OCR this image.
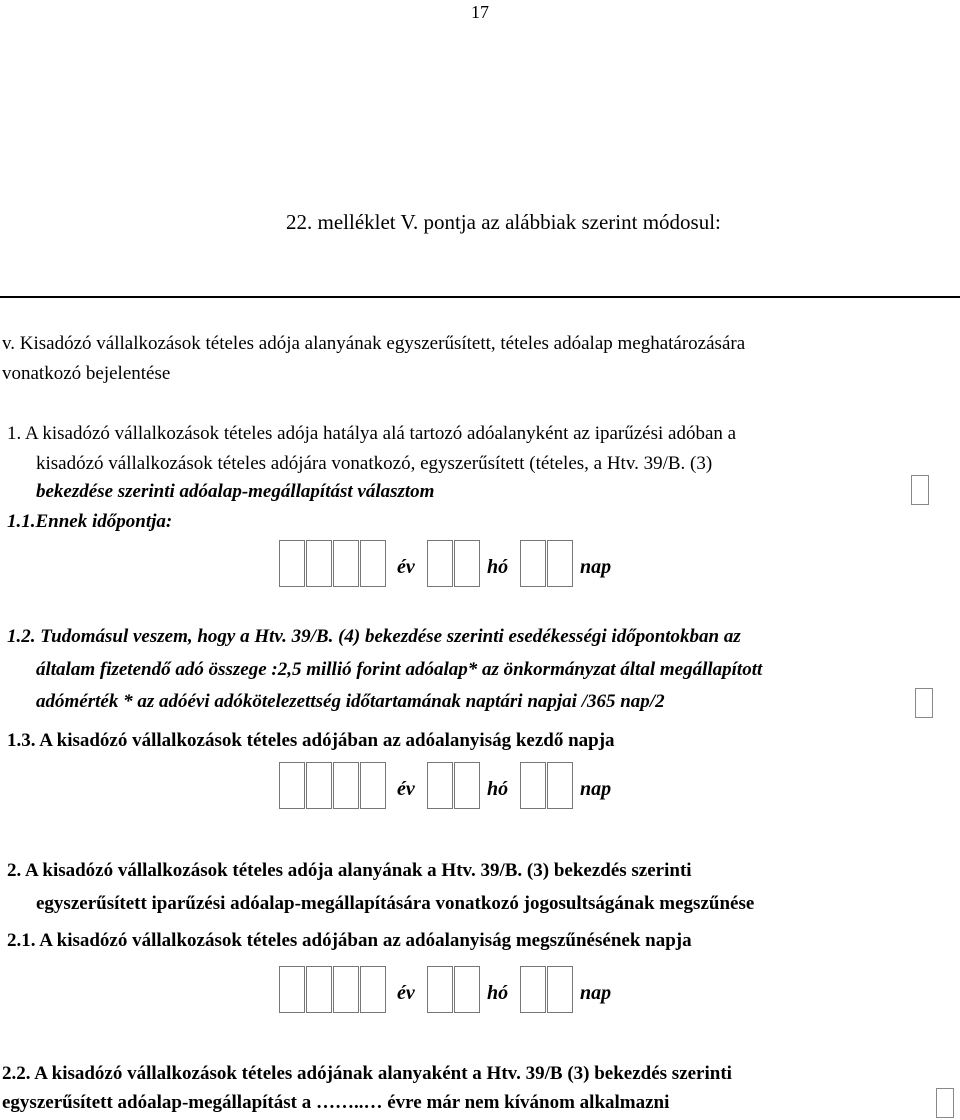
17
22. melléklet V. pontja az alábbiak szerint módosul:
v. Kisadózó vállalkozások tételes adója alanyának egyszerűsített, tételes adóalap meghatározására
vonatkozó bejelentése
1. A kisadózó vállalkozások tételes adója hatálya alá tartozó adóalanyként az iparűzési adóban a
kisadózó vállalkozások tételes adójára vonatkozó, egyszerűsített (tételes, a Htv. 39/B. (3)
bekezdése szerinti adóalap-megállapítást választom
1.1.Ennek időpontja:
év	hó	nap
1.2. Tudomásul veszem, hogy a Htv. 39/B. (4) bekezdése szerinti esedékességi időpontokban az
általam fizetendő adó összege :2,5 millió forint adóalap* az önkormányzat által megállapított
adómérték * az adóévi adókötelezettség időtartamának naptári napjai /365 nap/2
1.3. A kisadózó vállalkozások tételes adójában az adóalanyiság kezdő napja
év	hó	nap
2. A kisadózó vállalkozások tételes adója alanyának a Htv. 39/B. (3) bekezdés szerinti
egyszerűsített iparűzési adóalap-megállapítására vonatkozó jogosultságának megszűnése
2.1. A kisadózó vállalkozások tételes adójában az adóalanyiság megszűnésének napja
év	hó	nap
2.2. A kisadózó vállalkozások tételes adójának alanyaként a Htv. 39/B (3) bekezdés szerinti
egyszerűsített adóalap-megállapítást a ……..… évre már nem kívánom alkalmazni
